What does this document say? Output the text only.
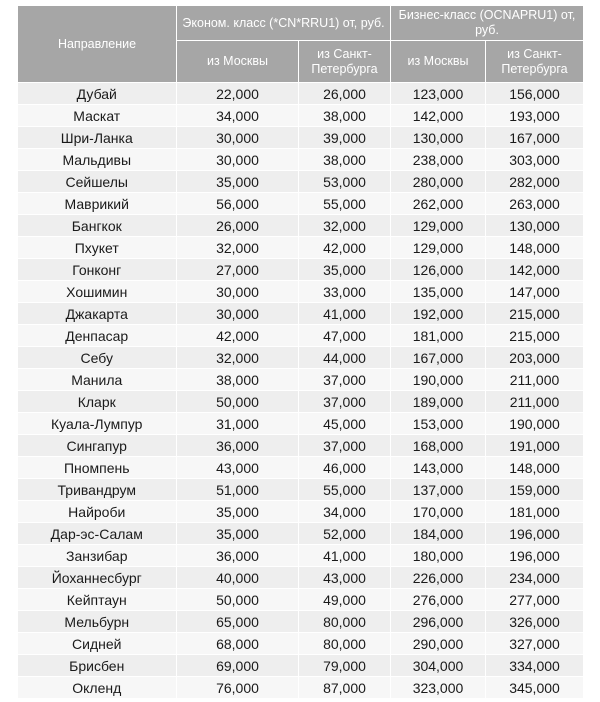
Направление	Эконом. класс (*CN*RRU1) от, руб.		Бизнес-класс (OCNAPRU1) от, руб.	
	из Москвы	из Санкт-Петербурга	из Москвы	из Санкт-Петербурга
Дубай	22,000	26,000	123,000	156,000
Маскат	34,000	38,000	142,000	193,000
Шри-Ланка	30,000	39,000	130,000	167,000
Мальдивы	30,000	38,000	238,000	303,000
Сейшелы	35,000	53,000	280,000	282,000
Маврикий	56,000	55,000	262,000	263,000
Бангкок	26,000	32,000	129,000	130,000
Пхукет	32,000	42,000	129,000	148,000
Гонконг	27,000	35,000	126,000	142,000
Хошимин	30,000	33,000	135,000	147,000
Джакарта	30,000	41,000	192,000	215,000
Денпасар	42,000	47,000	181,000	215,000
Себу	32,000	44,000	167,000	203,000
Манила	38,000	37,000	190,000	211,000
Кларк	50,000	37,000	189,000	211,000
Куала-Лумпур	31,000	45,000	153,000	190,000
Сингапур	36,000	37,000	168,000	191,000
Пномпень	43,000	46,000	143,000	148,000
Тривандрум	51,000	55,000	137,000	159,000
Найроби	35,000	34,000	170,000	181,000
Дар-эс-Салам	35,000	52,000	184,000	196,000
Занзибар	36,000	41,000	180,000	196,000
Йоханнесбург	40,000	43,000	226,000	234,000
Кейптаун	50,000	49,000	276,000	277,000
Мельбурн	65,000	80,000	296,000	326,000
Сидней	68,000	80,000	290,000	327,000
Брисбен	69,000	79,000	304,000	334,000
Окленд	76,000	87,000	323,000	345,000
